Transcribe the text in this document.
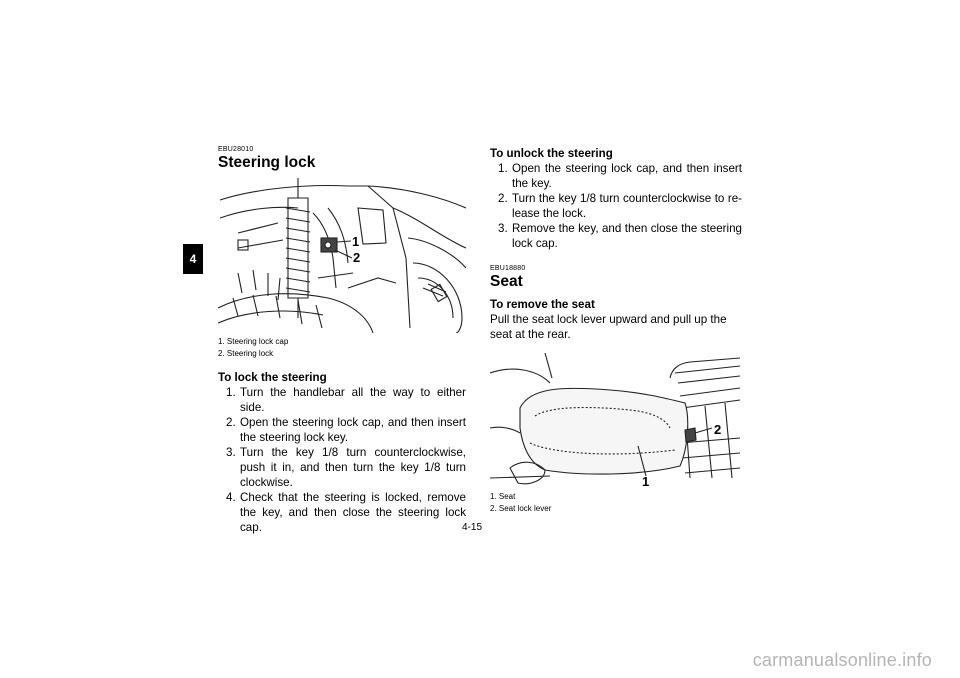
4
EBU28010
Steering lock
1
2
1. Steering lock cap
2. Steering lock
To lock the steering
1. Turn the handlebar all the way to either side.
2. Open the steering lock cap, and then insert the steering lock key.
3. Turn the key 1/8 turn counterclockwise, push it in, and then turn the key 1/8 turn clockwise.
4. Check that the steering is locked, remove the key, and then close the steering lock cap.
To unlock the steering
1. Open the steering lock cap, and then insert the key.
2. Turn the key 1/8 turn counterclockwise to re-lease the lock.
3. Remove the key, and then close the steering lock cap.
EBU18880
Seat
To remove the seat
Pull the seat lock lever upward and pull up the seat at the rear.
1
2
1. Seat
2. Seat lock lever
4-15
carmanualsonline.info
